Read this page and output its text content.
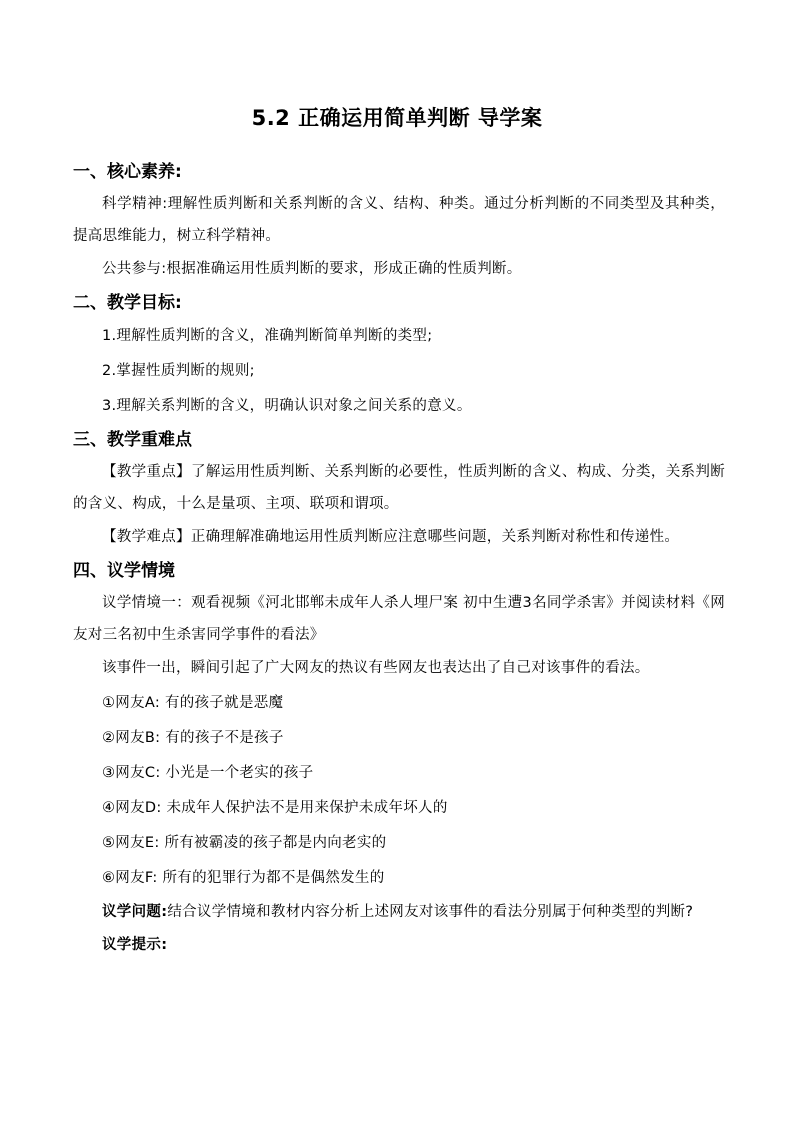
5.2 正确运用简单判断 导学案
一、核心素养:

科学精神:理解性质判断和关系判断的含义、结构、种类。通过分析判断的不同类型及其种类，提高思维能力，树立科学精神。

公共参与:根据准确运用性质判断的要求，形成正确的性质判断。

二、教学目标:

1.理解性质判断的含义，准确判断简单判断的类型;

2.掌握性质判断的规则;

3.理解关系判断的含义，明确认识对象之间关系的意义。

三、教学重难点

【教学重点】了解运用性质判断、关系判断的必要性，性质判断的含义、构成、分类，关系判断的含义、构成，十么是量项、主项、联项和谓项。

【教学难点】正确理解准确地运用性质判断应注意哪些问题，关系判断对称性和传递性。

四、议学情境

议学情境一：观看视频《河北邯郸未成年人杀人埋尸案 初中生遭3名同学杀害》并阅读材料《网友对三名初中生杀害同学事件的看法》

该事件一出，瞬间引起了广大网友的热议有些网友也表达出了自己对该事件的看法。

①网友A: 有的孩子就是恶魔

②网友B: 有的孩子不是孩子

③网友C: 小光是一个老实的孩子

④网友D: 未成年人保护法不是用来保护未成年坏人的

⑤网友E: 所有被霸凌的孩子都是内向老实的

⑥网友F: 所有的犯罪行为都不是偶然发生的

议学问题:结合议学情境和教材内容分析上述网友对该事件的看法分别属于何种类型的判断?

议学提示:
